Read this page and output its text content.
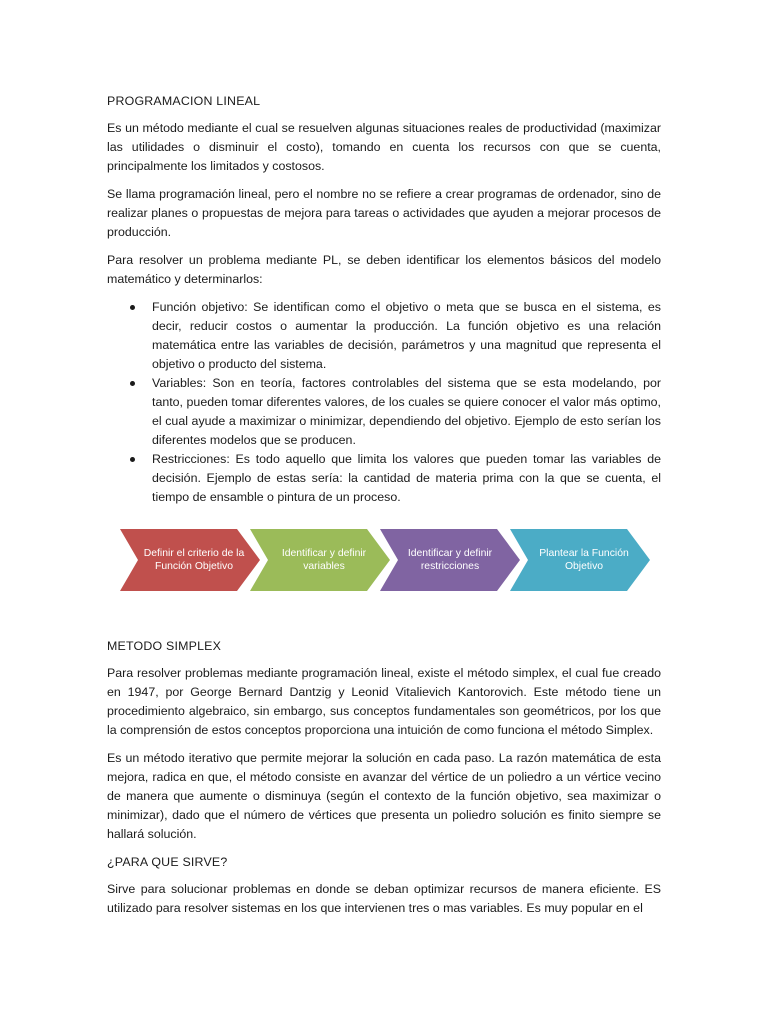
PROGRAMACION LINEAL

Es un método mediante el cual se resuelven algunas situaciones reales de productividad (maximizar las utilidades o disminuir el costo), tomando en cuenta los recursos con que se cuenta, principalmente los limitados y costosos.

Se llama programación lineal, pero el nombre no se refiere a crear programas de ordenador, sino de realizar planes o propuestas de mejora para tareas o actividades que ayuden a mejorar procesos de producción.

Para resolver un problema mediante PL, se deben identificar los elementos básicos del modelo matemático y determinarlos:

Función objetivo: Se identifican como el objetivo o meta que se busca en el sistema, es decir, reducir costos o aumentar la producción. La función objetivo es una relación matemática entre las variables de decisión, parámetros y una magnitud que representa el objetivo o producto del sistema.
Variables: Son en teoría, factores controlables del sistema que se esta modelando, por tanto, pueden tomar diferentes valores, de los cuales se quiere conocer el valor más optimo, el cual ayude a maximizar o minimizar, dependiendo del objetivo. Ejemplo de esto serían los diferentes modelos que se producen.
Restricciones: Es todo aquello que limita los valores que pueden tomar las variables de decisión. Ejemplo de estas sería: la cantidad de materia prima con la que se cuenta, el tiempo de ensamble o pintura de un proceso.
Definir el criterio de la Función Objetivo
Identificar y definir variables
Identificar y definir restricciones
Plantear la Función Objetivo
METODO SIMPLEX

Para resolver problemas mediante programación lineal, existe el método simplex, el cual fue creado en 1947, por George Bernard Dantzig y Leonid Vitalievich Kantorovich. Este método tiene un procedimiento algebraico, sin embargo, sus conceptos fundamentales son geométricos, por los que la comprensión de estos conceptos proporciona una intuición de como funciona el método Simplex.

Es un método iterativo que permite mejorar la solución en cada paso. La razón matemática de esta mejora, radica en que, el método consiste en avanzar del vértice de un poliedro a un vértice vecino de manera que aumente o disminuya (según el contexto de la función objetivo, sea maximizar o minimizar), dado que el número de vértices que presenta un poliedro solución es finito siempre se hallará solución.

¿PARA QUE SIRVE?

Sirve para solucionar problemas en donde se deban optimizar recursos de manera eficiente. ES utilizado para resolver sistemas en los que intervienen tres o mas variables. Es muy popular en el
